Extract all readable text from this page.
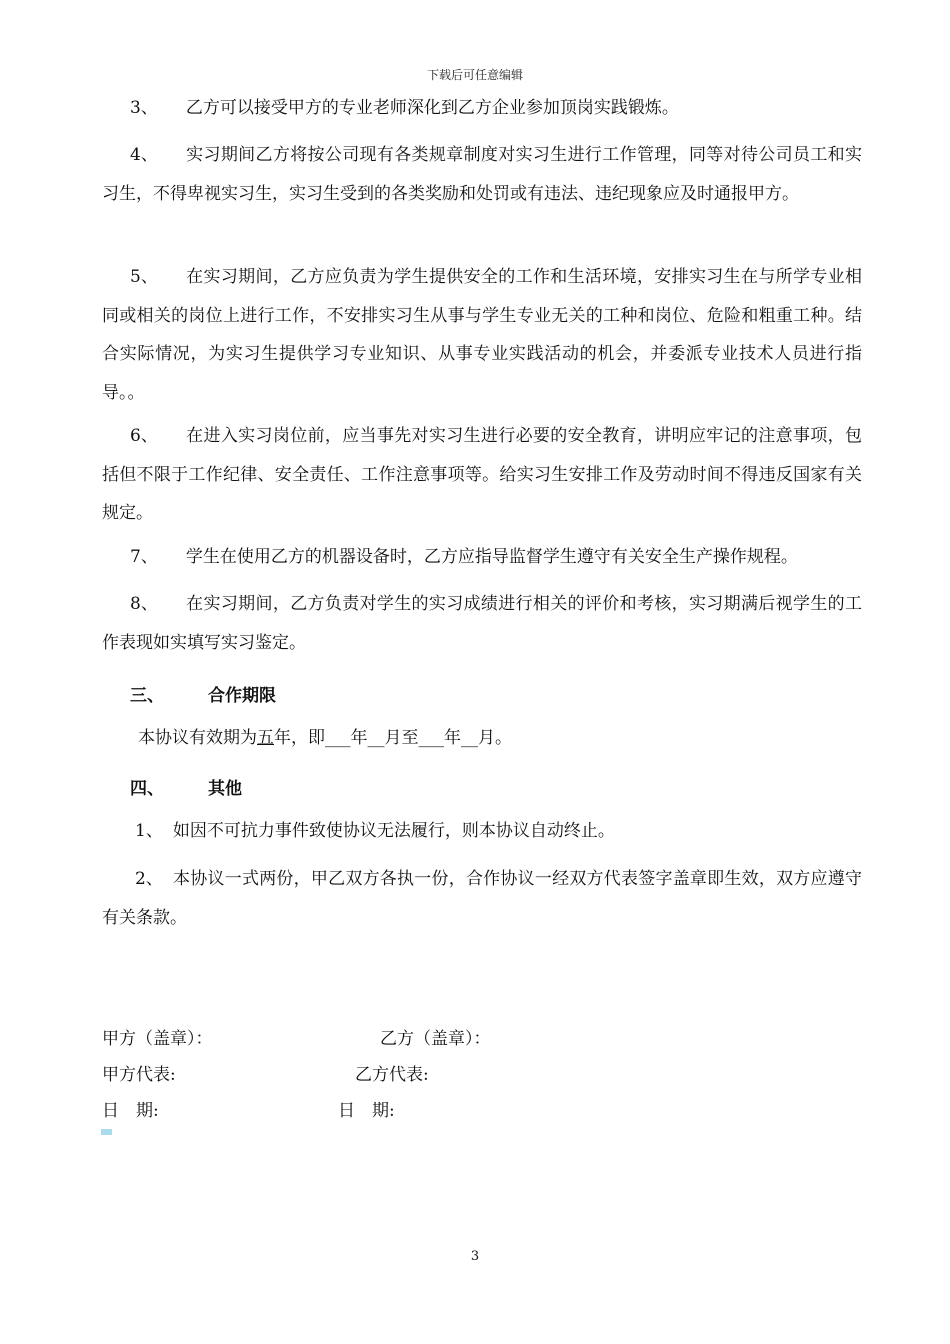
下载后可任意编辑
3、 乙方可以接受甲方的专业老师深化到乙方企业参加顶岗实践锻炼。
4、 实习期间乙方将按公司现有各类规章制度对实习生进行工作管理，同等对待公司员工和实习生，不得卑视实习生，实习生受到的各类奖励和处罚或有违法、违纪现象应及时通报甲方。
5、 在实习期间，乙方应负责为学生提供安全的工作和生活环境，安排实习生在与所学专业相同或相关的岗位上进行工作，不安排实习生从事与学生专业无关的工种和岗位、危险和粗重工种。结合实际情况，为实习生提供学习专业知识、从事专业实践活动的机会，并委派专业技术人员进行指导。。
6、 在进入实习岗位前，应当事先对实习生进行必要的安全教育，讲明应牢记的注意事项，包括但不限于工作纪律、安全责任、工作注意事项等。给实习生安排工作及劳动时间不得违反国家有关规定。
7、 学生在使用乙方的机器设备时，乙方应指导监督学生遵守有关安全生产操作规程。
8、 在实习期间，乙方负责对学生的实习成绩进行相关的评价和考核，实习期满后视学生的工作表现如实填写实习鉴定。
三、	合作期限
本协议有效期为五年，即___年__月至___年__月。
四、	其他
1、 如因不可抗力事件致使协议无法履行，则本协议自动终止。
2、 本协议一式两份，甲乙双方各执一份，合作协议一经双方代表签字盖章即生效，双方应遵守有关条款。
甲方（盖章）：	乙方（盖章）：
甲方代表:	乙方代表:
日　期:	日　期:
3
